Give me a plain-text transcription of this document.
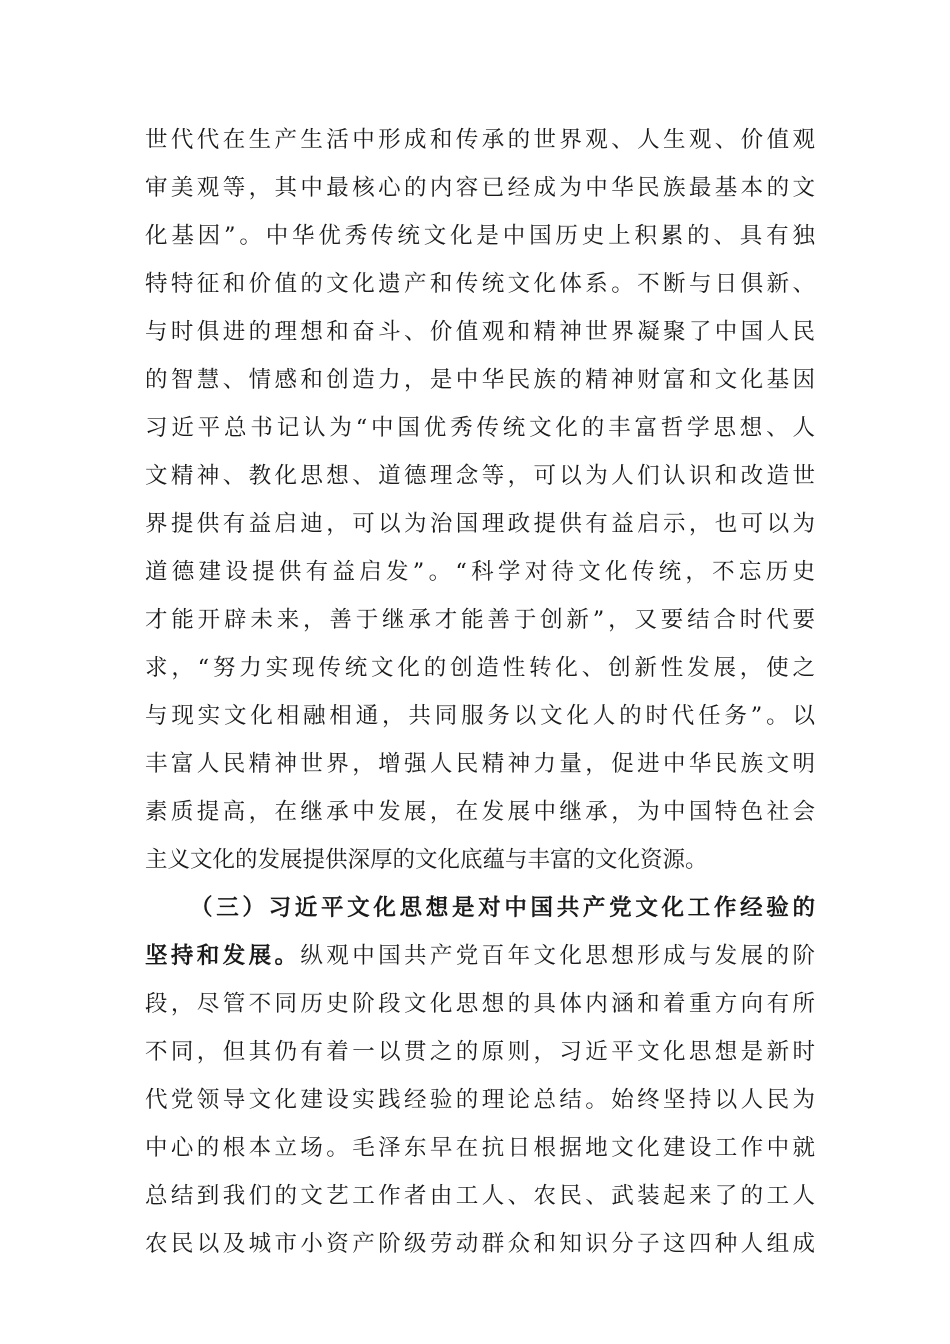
世代代在生产生活中形成和传承的世界观、人生观、价值观
审美观等，其中最核心的内容已经成为中华民族最基本的文
化基因”。中华优秀传统文化是中国历史上积累的、具有独
特特征和价值的文化遗产和传统文化体系。不断与日俱新、
与时俱进的理想和奋斗、价值观和精神世界凝聚了中国人民
的智慧、情感和创造力，是中华民族的精神财富和文化基因
习近平总书记认为“中国优秀传统文化的丰富哲学思想、人
文精神、教化思想、道德理念等，可以为人们认识和改造世
界提供有益启迪，可以为治国理政提供有益启示，也可以为
道德建设提供有益启发”。“科学对待文化传统，不忘历史
才能开辟未来，善于继承才能善于创新”，又要结合时代要
求，“努力实现传统文化的创造性转化、创新性发展，使之
与现实文化相融相通，共同服务以文化人的时代任务”。以
丰富人民精神世界，增强人民精神力量，促进中华民族文明
素质提高，在继承中发展，在发展中继承，为中国特色社会
主义文化的发展提供深厚的文化底蕴与丰富的文化资源。
（三）习近平文化思想是对中国共产党文化工作经验的
坚持和发展。纵观中国共产党百年文化思想形成与发展的阶
段，尽管不同历史阶段文化思想的具体内涵和着重方向有所
不同，但其仍有着一以贯之的原则，习近平文化思想是新时
代党领导文化建设实践经验的理论总结。始终坚持以人民为
中心的根本立场。毛泽东早在抗日根据地文化建设工作中就
总结到我们的文艺工作者由工人、农民、武装起来了的工人
农民以及城市小资产阶级劳动群众和知识分子这四种人组成
